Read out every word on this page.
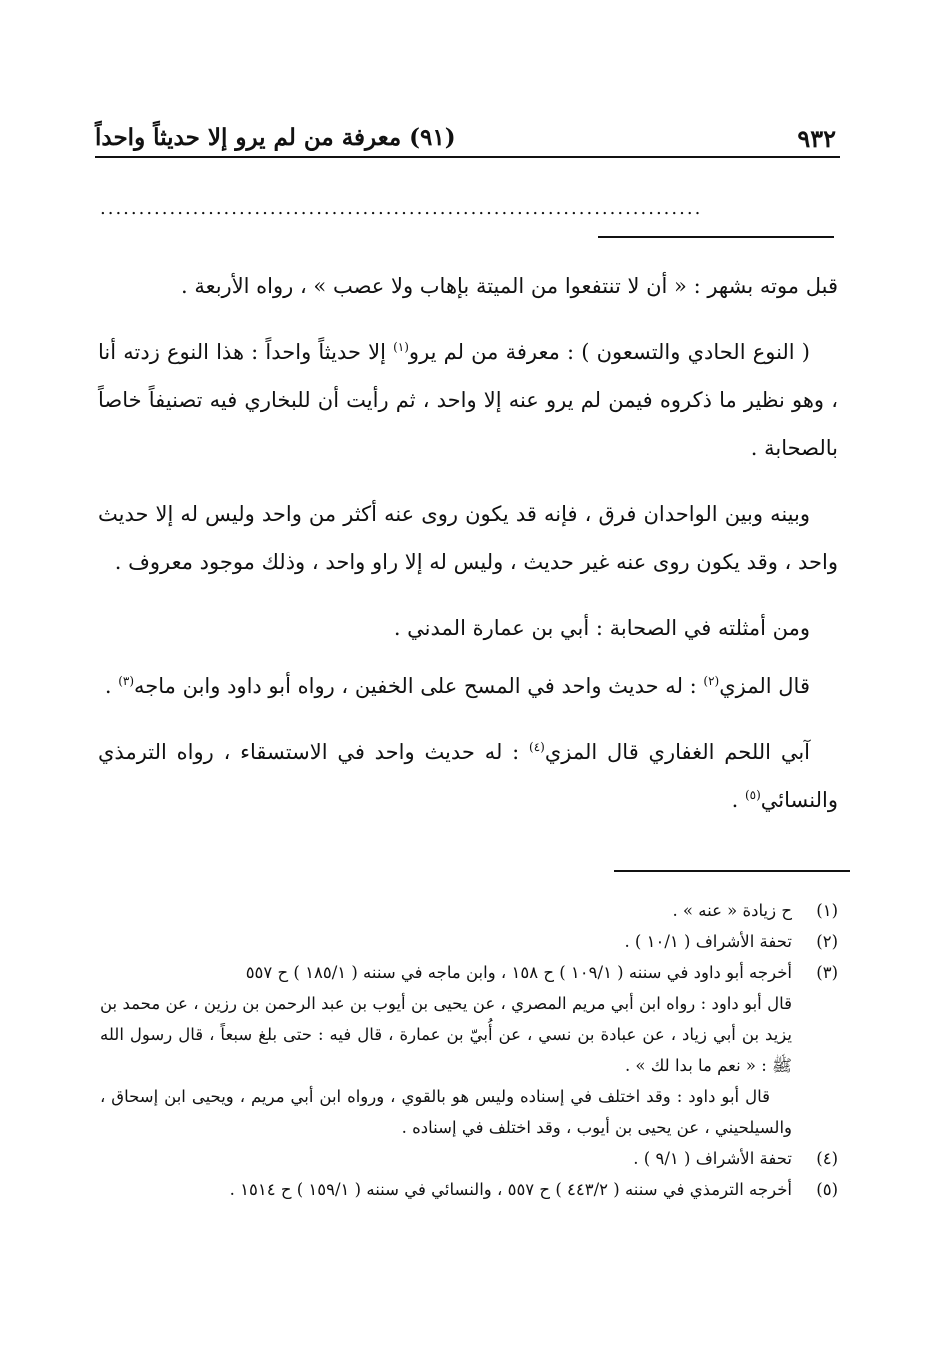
٩٣٢
(٩١) معرفة من لم يرو إلا حديثاً واحداً
..............................................................................

قبل موته بشهر : « أن لا تنتفعوا من الميتة بإهاب ولا عصب » ، رواه الأربعة .

( النوع الحادي والتسعون ) : معرفة من لم يرو$^{(١)}$ إلا حديثاً واحداً : هذا النوع زدته أنا ، وهو نظير ما ذكروه فيمن لم يرو عنه إلا واحد ، ثم رأيت أن للبخاري فيه تصنيفاً خاصاً بالصحابة .

وبينه وبين الواحدان فرق ، فإنه قد يكون روى عنه أكثر من واحد وليس له إلا حديث واحد ، وقد يكون روى عنه غير حديث ، وليس له إلا راو واحد ، وذلك موجود معروف .

ومن أمثلته في الصحابة : أبي بن عمارة المدني .

قال المزي$^{(٢)}$ : له حديث واحد في المسح على الخفين ، رواه أبو داود وابن ماجه$^{(٣)}$ .

آبي اللحم الغفاري قال المزي$^{(٤)}$ : له حديث واحد في الاستسقاء ، رواه الترمذي والنسائي$^{(٥)}$ .

(١)
ح زيادة « عنه » .
(٢)
تحفة الأشراف ( ١٠/١ ) .
(٣)
أخرجه أبو داود في سننه ( ١٠٩/١ ) ح ١٥٨ ، وابن ماجه في سننه ( ١٨٥/١ ) ح ٥٥٧
قال أبو داود : رواه ابن أبي مريم المصري ، عن يحيى بن أيوب بن عبد الرحمن بن رزين ، عن محمد بن يزيد بن أبي زياد ، عن عبادة بن نسي ، عن أُبيّ بن عمارة ، قال فيه : حتى بلغ سبعاً ، قال رسول الله ﷺ : « نعم ما بدا لك » .
قال أبو داود : وقد اختلف في إسناده وليس هو بالقوي ، ورواه ابن أبي مريم ، ويحيى ابن إسحاق ، والسيلحيني ، عن يحيى بن أيوب ، وقد اختلف في إسناده .
(٤)
تحفة الأشراف ( ٩/١ ) .
(٥)
أخرجه الترمذي في سننه ( ٤٤٣/٢ ) ح ٥٥٧ ، والنسائي في سننه ( ١٥٩/١ ) ح ١٥١٤ .
